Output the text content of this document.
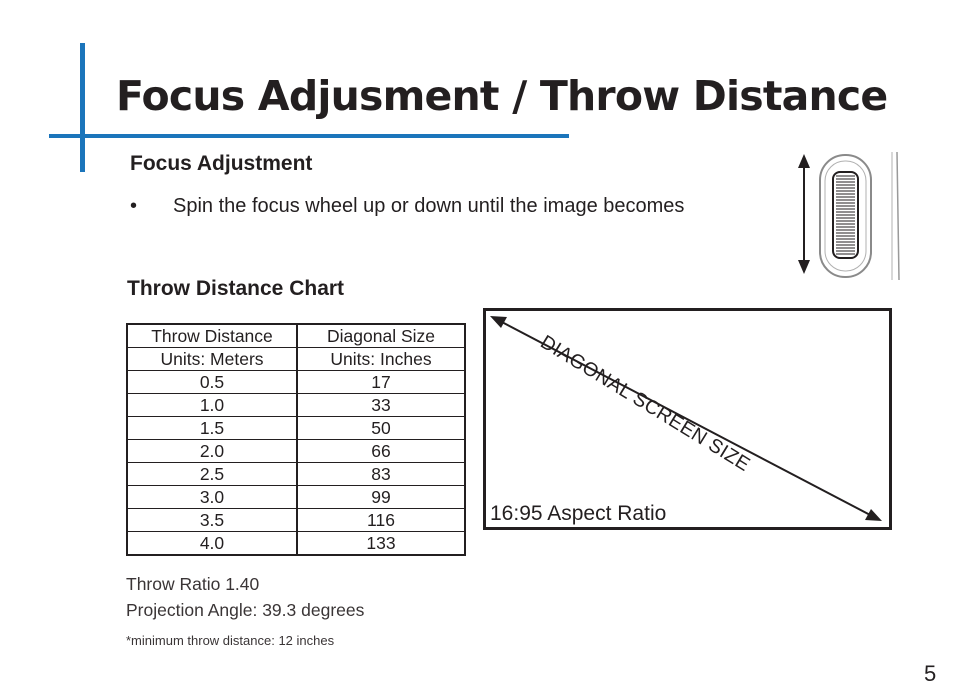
Focus Adjusment / Throw Distance
Focus Adjustment
• Spin the focus wheel up or down until the image becomes
Throw Distance Chart
Throw Distance	Diagonal Size
Units: Meters	Units: Inches
0.5	17
1.0	33
1.5	50
2.0	66
2.5	83
3.0	99
3.5	116
4.0	133
DIAGONAL SCREEN SIZE
16:95 Aspect Ratio
Throw Ratio 1.40
Projection Angle: 39.3 degrees
*minimum throw distance: 12 inches
5
